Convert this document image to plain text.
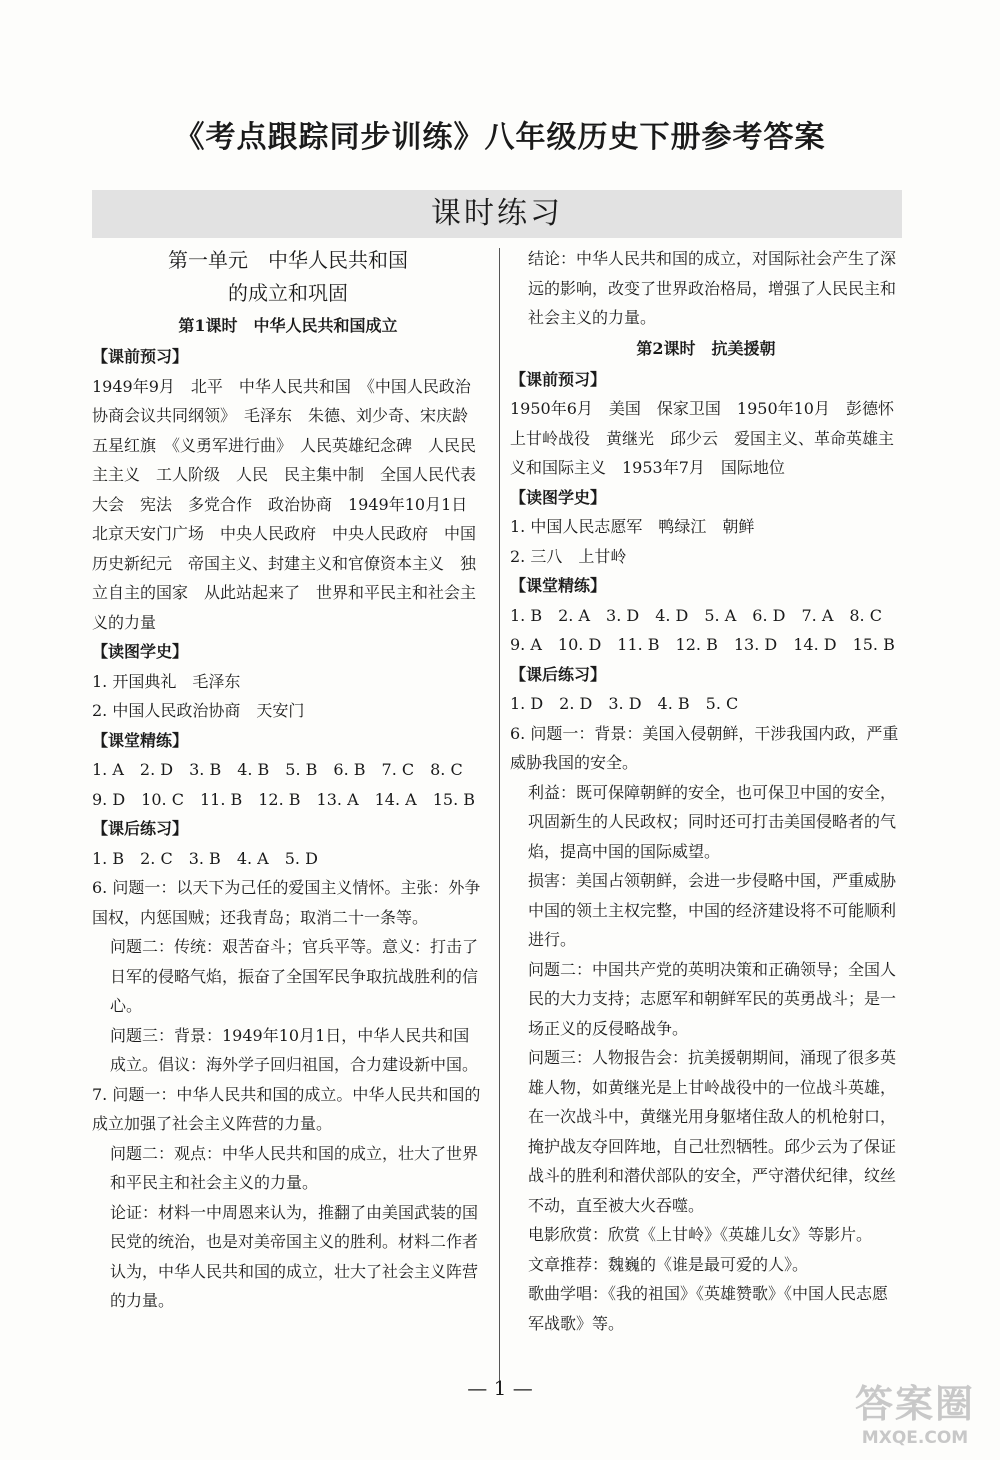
《考点跟踪同步训练》八年级历史下册参考答案
课时练习
第一单元　中华人民共和国
的成立和巩固
第1课时　中华人民共和国成立
【课前预习】
1949年9月　北平　中华人民共和国　《中国人民政治协商会议共同纲领》　毛泽东　朱德、刘少奇、宋庆龄　五星红旗　《义勇军进行曲》　人民英雄纪念碑　人民民主主义　工人阶级　人民　民主集中制　全国人民代表大会　宪法　多党合作　政治协商　1949年10月1日　北京天安门广场　中央人民政府　中央人民政府　中国历史新纪元　帝国主义、封建主义和官僚资本主义　独立自主的国家　从此站起来了　世界和平民主和社会主义的力量
【读图学史】
1. 开国典礼　毛泽东
2. 中国人民政治协商　天安门
【课堂精练】
1. A　2. D　3. B　4. B　5. B　6. B　7. C　8. C
9. D　10. C　11. B　12. B　13. A　14. A　15. B
【课后练习】
1. B　2. C　3. B　4. A　5. D
6. 问题一：以天下为己任的爱国主义情怀。主张：外争国权，内惩国贼；还我青岛；取消二十一条等。
问题二：传统：艰苦奋斗；官兵平等。意义：打击了日军的侵略气焰，振奋了全国军民争取抗战胜利的信心。
问题三：背景：1949年10月1日，中华人民共和国成立。倡议：海外学子回归祖国，合力建设新中国。
7. 问题一：中华人民共和国的成立。中华人民共和国的成立加强了社会主义阵营的力量。
问题二：观点：中华人民共和国的成立，壮大了世界和平民主和社会主义的力量。
论证：材料一中周恩来认为，推翻了由美国武装的国民党的统治，也是对美帝国主义的胜利。材料二作者认为，中华人民共和国的成立，壮大了社会主义阵营的力量。
结论：中华人民共和国的成立，对国际社会产生了深远的影响，改变了世界政治格局，增强了人民民主和社会主义的力量。
第2课时　抗美援朝
【课前预习】
1950年6月　美国　保家卫国　1950年10月　彭德怀　上甘岭战役　黄继光　邱少云　爱国主义、革命英雄主义和国际主义　1953年7月　国际地位
【读图学史】
1. 中国人民志愿军　鸭绿江　朝鲜
2. 三八　上甘岭
【课堂精练】
1. B　2. A　3. D　4. D　5. A　6. D　7. A　8. C
9. A　10. D　11. B　12. B　13. D　14. D　15. B
【课后练习】
1. D　2. D　3. D　4. B　5. C
6. 问题一：背景：美国入侵朝鲜，干涉我国内政，严重威胁我国的安全。
利益：既可保障朝鲜的安全，也可保卫中国的安全，巩固新生的人民政权；同时还可打击美国侵略者的气焰，提高中国的国际威望。
损害：美国占领朝鲜，会进一步侵略中国，严重威胁中国的领土主权完整，中国的经济建设将不可能顺利进行。
问题二：中国共产党的英明决策和正确领导；全国人民的大力支持；志愿军和朝鲜军民的英勇战斗；是一场正义的反侵略战争。
问题三：人物报告会：抗美援朝期间，涌现了很多英雄人物，如黄继光是上甘岭战役中的一位战斗英雄，在一次战斗中，黄继光用身躯堵住敌人的机枪射口，掩护战友夺回阵地，自己壮烈牺牲。邱少云为了保证战斗的胜利和潜伏部队的安全，严守潜伏纪律，纹丝不动，直至被大火吞噬。
电影欣赏：欣赏《上甘岭》《英雄儿女》等影片。
文章推荐：魏巍的《谁是最可爱的人》。
歌曲学唱：《我的祖国》《英雄赞歌》《中国人民志愿军战歌》等。
— 1 —	答案圈
MXQE.COM
